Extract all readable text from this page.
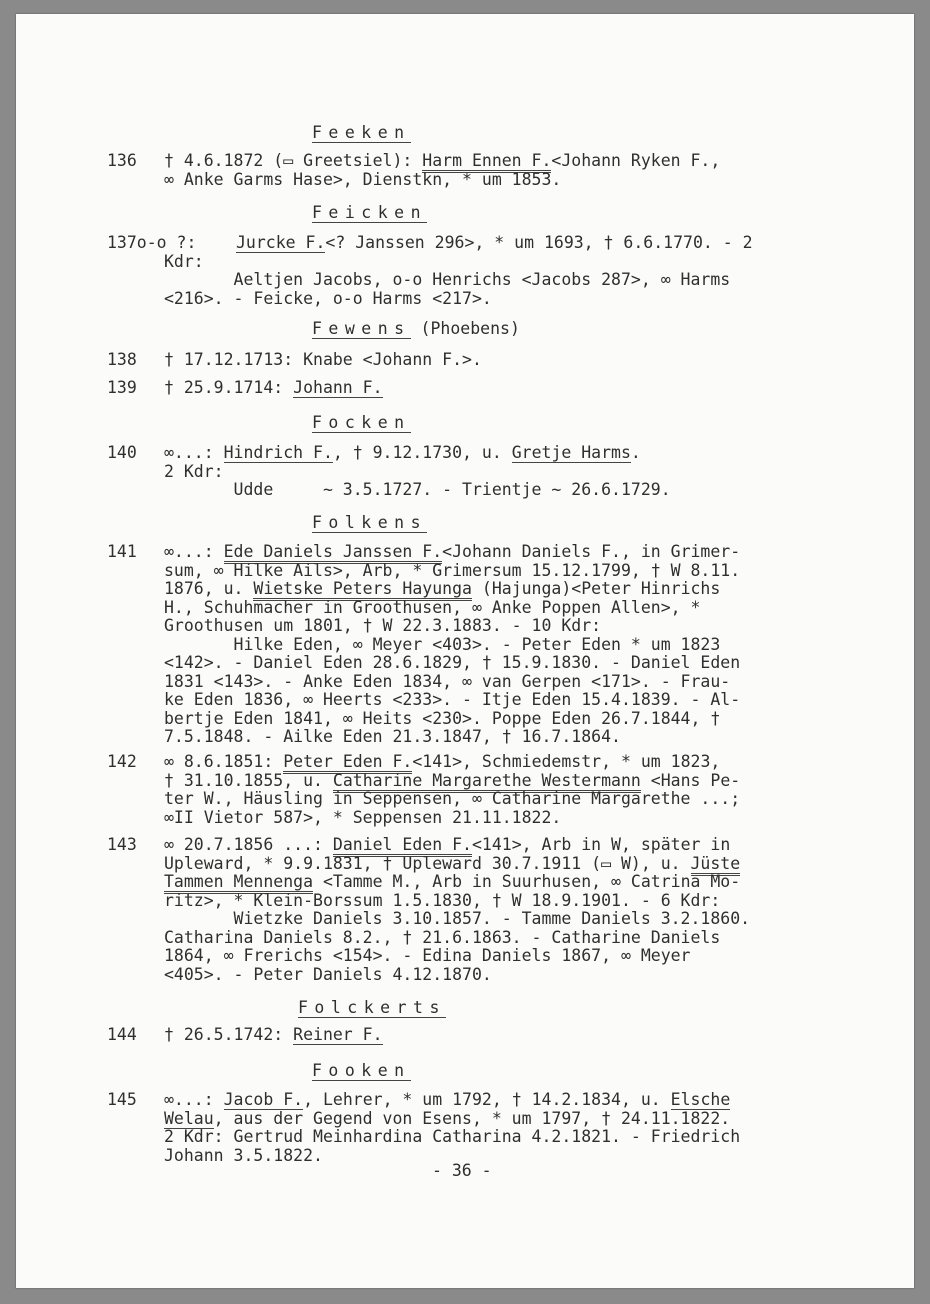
Feeken
136	† 4.6.1872 (▭ Greetsiel): Harm Ennen F.<Johann Ryken F.,
∞ Anke Garms Hase>, Dienstkn, * um 1853.
Feicken
137o-o ?: Jurcke F.<? Janssen 296>, * um 1693, † 6.6.1770. - 2
Kdr:
Aeltjen Jacobs, o-o Henrichs <Jacobs 287>, ∞ Harms
<216>. - Feicke, o-o Harms <217>.
Fewens (Phoebens)
138	† 17.12.1713: Knabe <Johann F.>.
139	† 25.9.1714: Johann F.
Focken
140	∞...: Hindrich F., † 9.12.1730, u. Gretje Harms.
2 Kdr:
Udde     ~ 3.5.1727. - Trientje ~ 26.6.1729.
Folkens
141	∞...: Ede Daniels Janssen F.<Johann Daniels F., in Grimer-
sum, ∞ Hilke Ails>, Arb, * Grimersum 15.12.1799, † W 8.11.
1876, u. Wietske Peters Hayunga (Hajunga)<Peter Hinrichs
H., Schuhmacher in Groothusen, ∞ Anke Poppen Allen>, *
Groothusen um 1801, † W 22.3.1883. - 10 Kdr:
Hilke Eden, ∞ Meyer <403>. - Peter Eden * um 1823
<142>. - Daniel Eden 28.6.1829, † 15.9.1830. - Daniel Eden
1831 <143>. - Anke Eden 1834, ∞ van Gerpen <171>. - Frau-
ke Eden 1836, ∞ Heerts <233>. - Itje Eden 15.4.1839. - Al-
bertje Eden 1841, ∞ Heits <230>. Poppe Eden 26.7.1844, †
7.5.1848. - Ailke Eden 21.3.1847, † 16.7.1864.
142	∞ 8.6.1851: Peter Eden F.<141>, Schmiedemstr, * um 1823,
† 31.10.1855, u. Catharine Margarethe Westermann <Hans Pe-
ter W., Häusling in Seppensen, ∞ Catharine Margarethe ...;
∞II Vietor 587>, * Seppensen 21.11.1822.
143	∞ 20.7.1856 ...: Daniel Eden F.<141>, Arb in W, später in
Upleward, * 9.9.1831, † Upleward 30.7.1911 (▭ W), u. Jüste
Tammen Mennenga <Tamme M., Arb in Suurhusen, ∞ Catrina Mo-
ritz>, * Klein-Borssum 1.5.1830, † W 18.9.1901. - 6 Kdr:
Wietzke Daniels 3.10.1857. - Tamme Daniels 3.2.1860.
Catharina Daniels 8.2., † 21.6.1863. - Catharine Daniels
1864, ∞ Frerichs <154>. - Edina Daniels 1867, ∞ Meyer
<405>. - Peter Daniels 4.12.1870.
Folckerts
144	† 26.5.1742: Reiner F.
Fooken
145	∞...: Jacob F., Lehrer, * um 1792, † 14.2.1834, u. Elsche
Welau, aus der Gegend von Esens, * um 1797, † 24.11.1822.
2 Kdr: Gertrud Meinhardina Catharina 4.2.1821. - Friedrich
Johann 3.5.1822.
- 36 -
